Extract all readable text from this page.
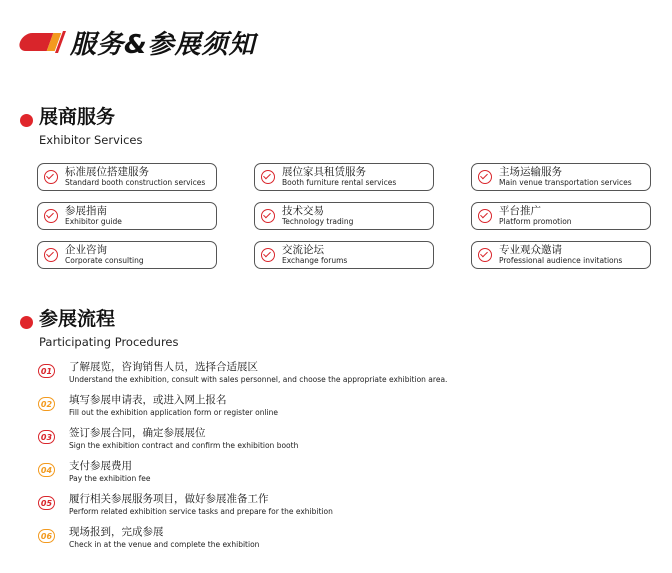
服务&参展须知
展商服务
Exhibitor Services
标准展位搭建服务
Standard booth construction services
展位家具租赁服务
Booth furniture rental services
主场运输服务
Main venue transportation services
参展指南
Exhibitor guide
技术交易
Technology trading
平台推广
Platform promotion
企业咨询
Corporate consulting
交流论坛
Exchange forums
专业观众邀请
Professional audience invitations
参展流程
Participating Procedures
01 了解展览，咨询销售人员，选择合适展区
Understand the exhibition, consult with sales personnel, and choose the appropriate exhibition area.
02 填写参展申请表，或进入网上报名
Fill out the exhibition application form or register online
03 签订参展合同，确定参展展位
Sign the exhibition contract and confirm the exhibition booth
04 支付参展费用
Pay the exhibition fee
05 履行相关参展服务项目，做好参展准备工作
Perform related exhibition service tasks and prepare for the exhibition
06 现场报到，完成参展
Check in at the venue and complete the exhibition
